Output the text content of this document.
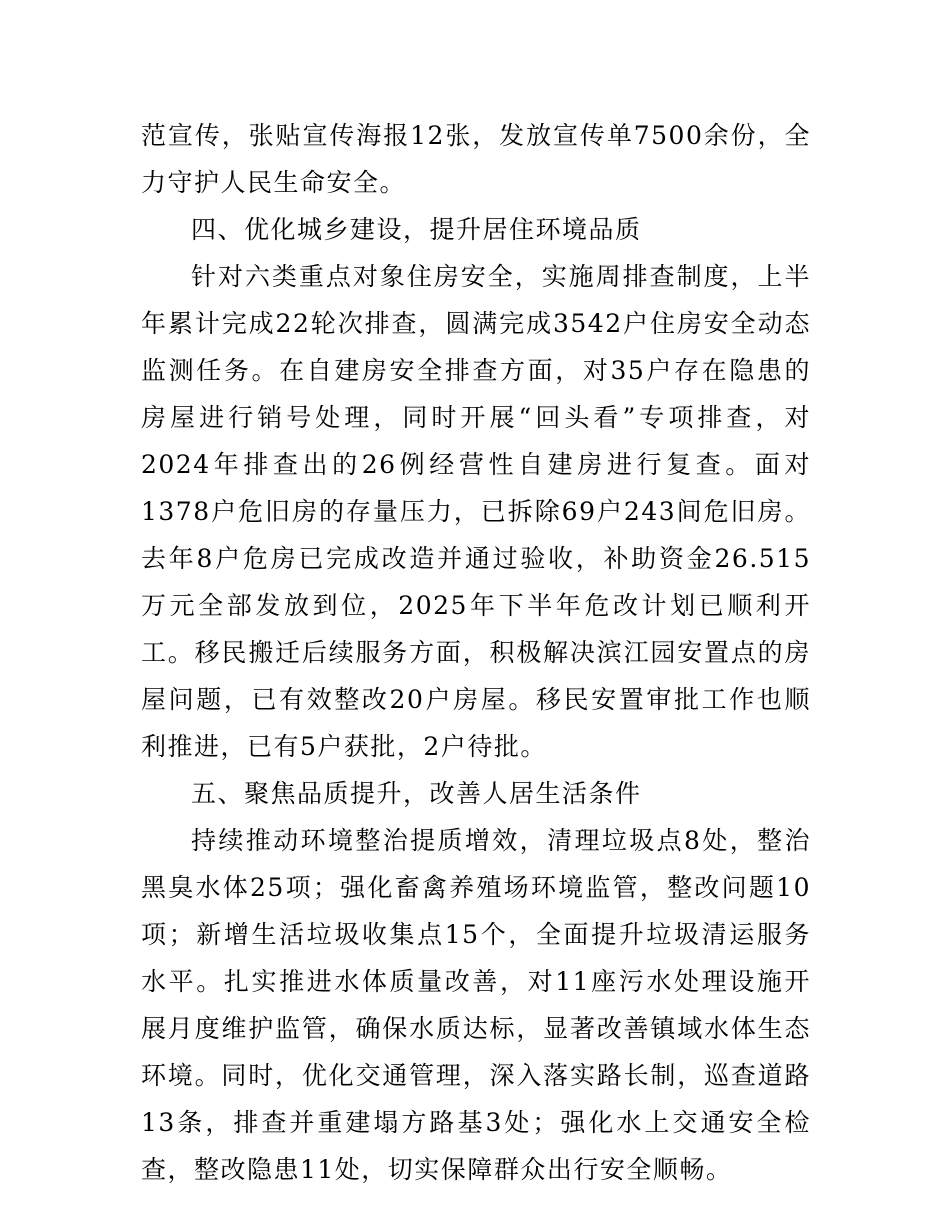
范宣传，张贴宣传海报12张，发放宣传单7500余份，全力守护人民生命安全。

四、优化城乡建设，提升居住环境品质

针对六类重点对象住房安全，实施周排查制度，上半年累计完成22轮次排查，圆满完成3542户住房安全动态监测任务。在自建房安全排查方面，对35户存在隐患的房屋进行销号处理，同时开展“回头看”专项排查，对2024年排查出的26例经营性自建房进行复查。面对1378户危旧房的存量压力，已拆除69户243间危旧房。去年8户危房已完成改造并通过验收，补助资金26.515万元全部发放到位，2025年下半年危改计划已顺利开工。移民搬迁后续服务方面，积极解决滨江园安置点的房屋问题，已有效整改20户房屋。移民安置审批工作也顺利推进，已有5户获批，2户待批。

五、聚焦品质提升，改善人居生活条件

持续推动环境整治提质增效，清理垃圾点8处，整治黑臭水体25项；强化畜禽养殖场环境监管，整改问题10项；新增生活垃圾收集点15个，全面提升垃圾清运服务水平。扎实推进水体质量改善，对11座污水处理设施开展月度维护监管，确保水质达标，显著改善镇域水体生态环境。同时，优化交通管理，深入落实路长制，巡查道路13条，排查并重建塌方路基3处；强化水上交通安全检查，整改隐患11处，切实保障群众出行安全顺畅。
